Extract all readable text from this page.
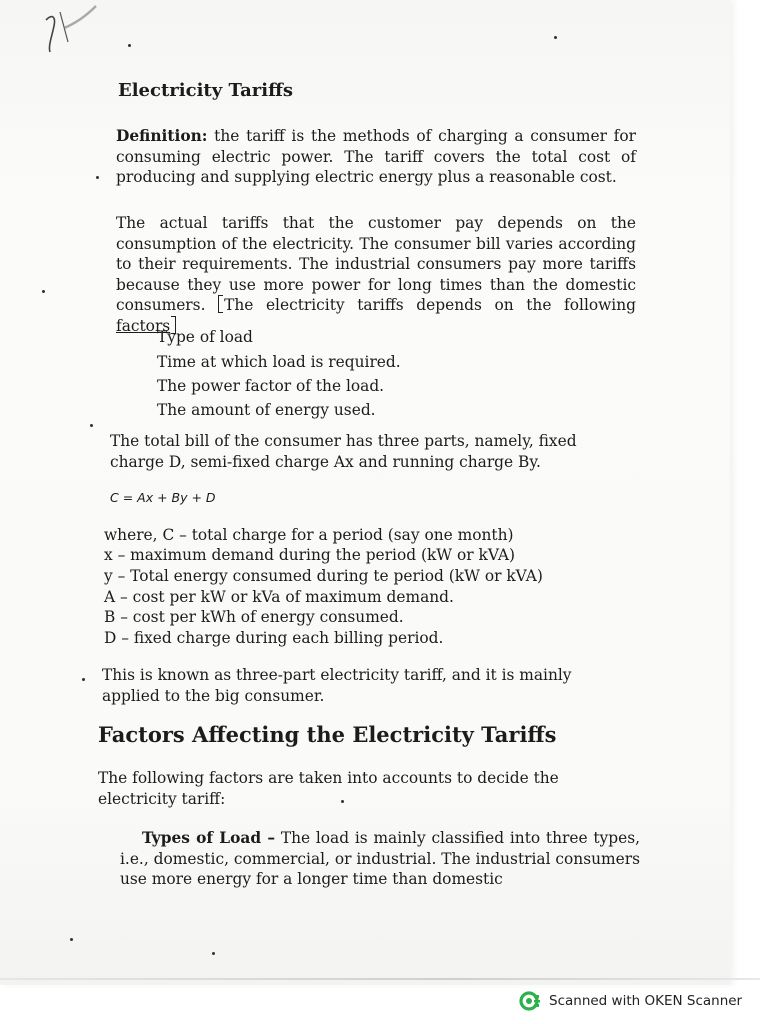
Electricity Tariffs
Definition: the tariff is the methods of charging a consumer for consuming electric power. The tariff covers the total cost of producing and supplying electric energy plus a reasonable cost.
The actual tariffs that the customer pay depends on the consumption of the electricity. The consumer bill varies according to their requirements. The industrial consumers pay more tariffs because they use more power for long times than the domestic consumers. The electricity tariffs depends on the following factors
Type of load
Time at which load is required.
The power factor of the load.
The amount of energy used.
The total bill of the consumer has three parts, namely, fixed charge D, semi-fixed charge Ax and running charge By.
C = Ax + By + D
where, C – total charge for a period (say one month)
x – maximum demand during the period (kW or kVA)
y – Total energy consumed during te period (kW or kVA)
A – cost per kW or kVa of maximum demand.
B – cost per kWh of energy consumed.
D – fixed charge during each billing period.
This is known as three-part electricity tariff, and it is mainly applied to the big consumer.
Factors Affecting the Electricity Tariffs
The following factors are taken into accounts to decide the electricity tariff:
Types of Load – The load is mainly classified into three types, i.e., domestic, commercial, or industrial. The industrial consumers use more energy for a longer time than domestic
Scanned with OKEN Scanner
